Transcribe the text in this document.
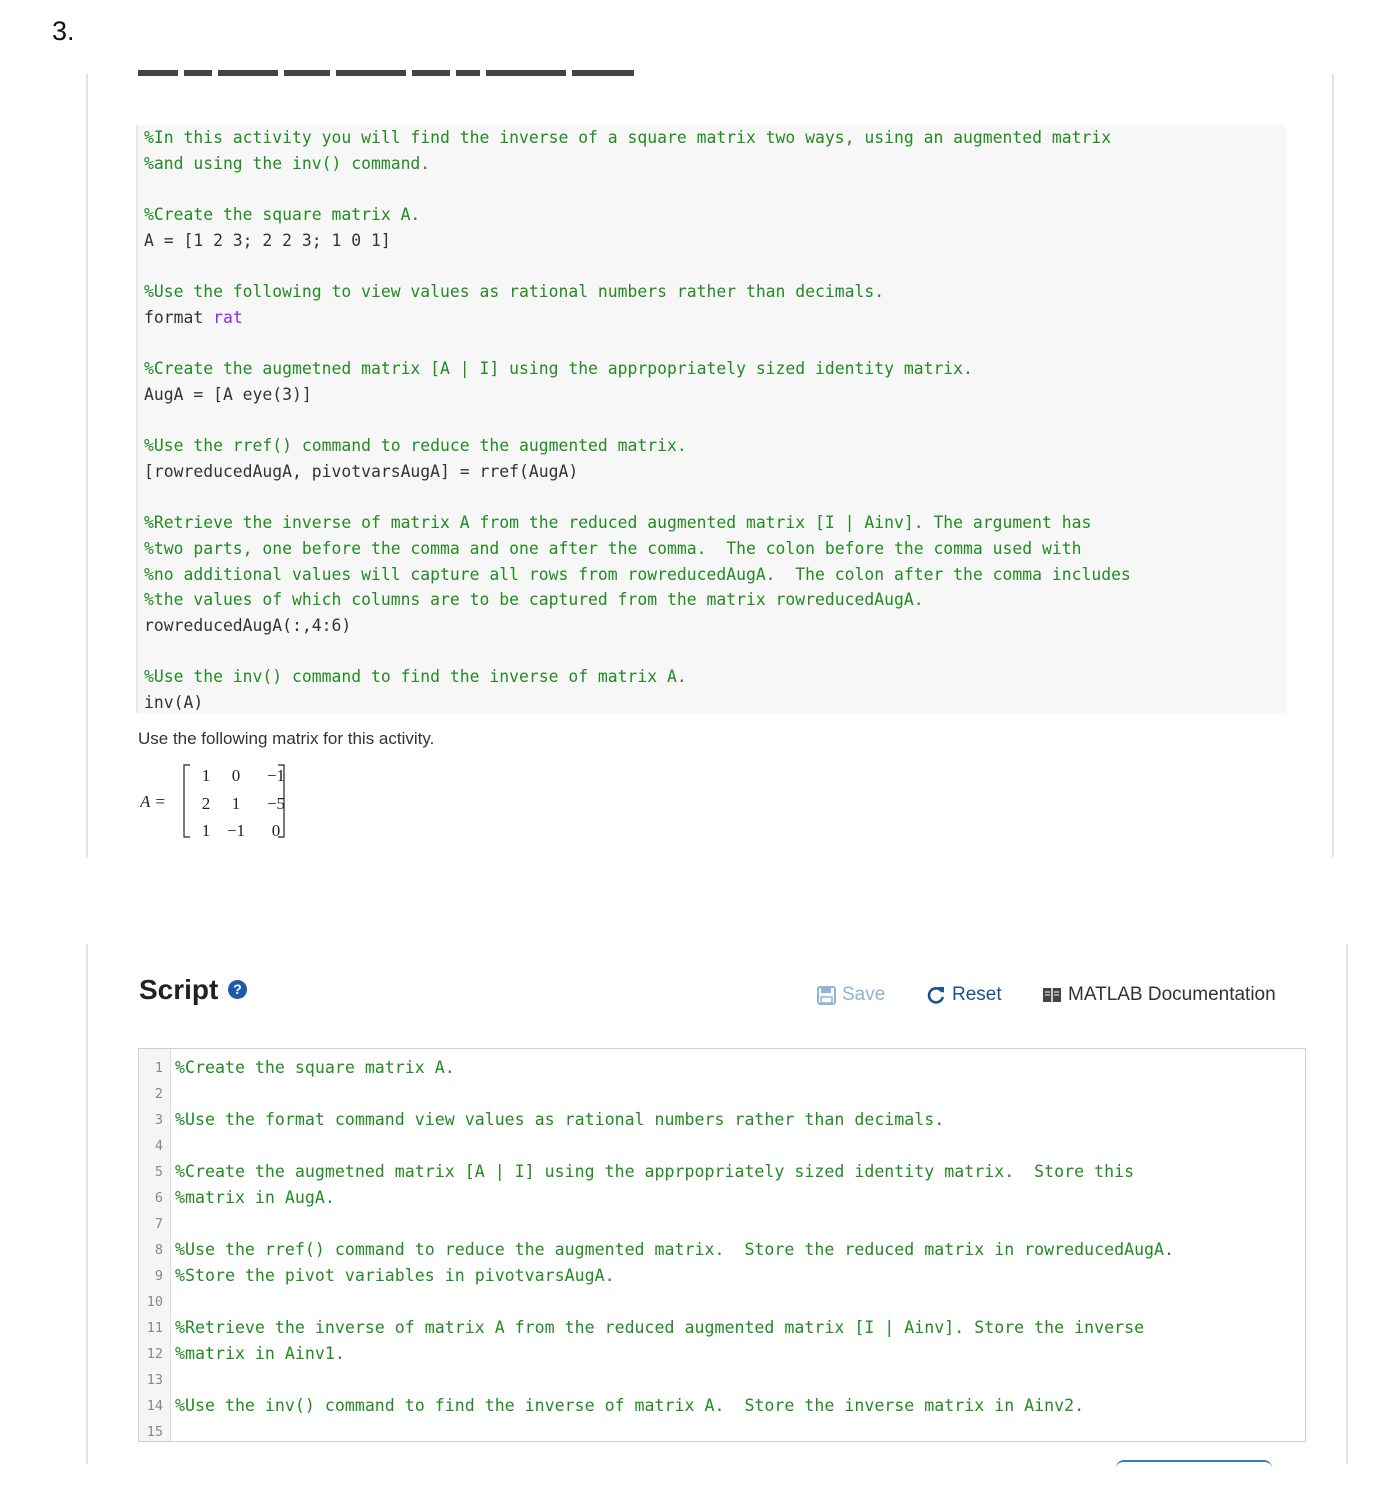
3.
%In this activity you will find the inverse of a square matrix two ways, using an augmented matrix
%and using the inv() command.
%Create the square matrix A.
A = [1 2 3; 2 2 3; 1 0 1]
%Use the following to view values as rational numbers rather than decimals.
format rat
%Create the augmetned matrix [A | I] using the apprpopriately sized identity matrix.
AugA = [A eye(3)]
%Use the rref() command to reduce the augmented matrix.
[rowreducedAugA, pivotvarsAugA] = rref(AugA)
%Retrieve the inverse of matrix A from the reduced augmented matrix [I | Ainv]. The argument has
%two parts, one before the comma and one after the comma.  The colon before the comma used with
%no additional values will capture all rows from rowreducedAugA.  The colon after the comma includes
%the values of which columns are to be captured from the matrix rowreducedAugA.
rowreducedAugA(:,4:6)
%Use the inv() command to find the inverse of matrix A.
inv(A)
Use the following matrix for this activity.
A =
1 0 −1
2 1 −5
1 −1 0
Script	?	Save	Reset	MATLAB Documentation
1 %Create the square matrix A.
2
3 %Use the format command view values as rational numbers rather than decimals.
4
5 %Create the augmetned matrix [A | I] using the apprpopriately sized identity matrix.  Store this
6 %matrix in AugA.
7
8 %Use the rref() command to reduce the augmented matrix.  Store the reduced matrix in rowreducedAugA.
9 %Store the pivot variables in pivotvarsAugA.
10
11 %Retrieve the inverse of matrix A from the reduced augmented matrix [I | Ainv]. Store the inverse
12 %matrix in Ainv1.
13
14 %Use the inv() command to find the inverse of matrix A.  Store the inverse matrix in Ainv2.
15
